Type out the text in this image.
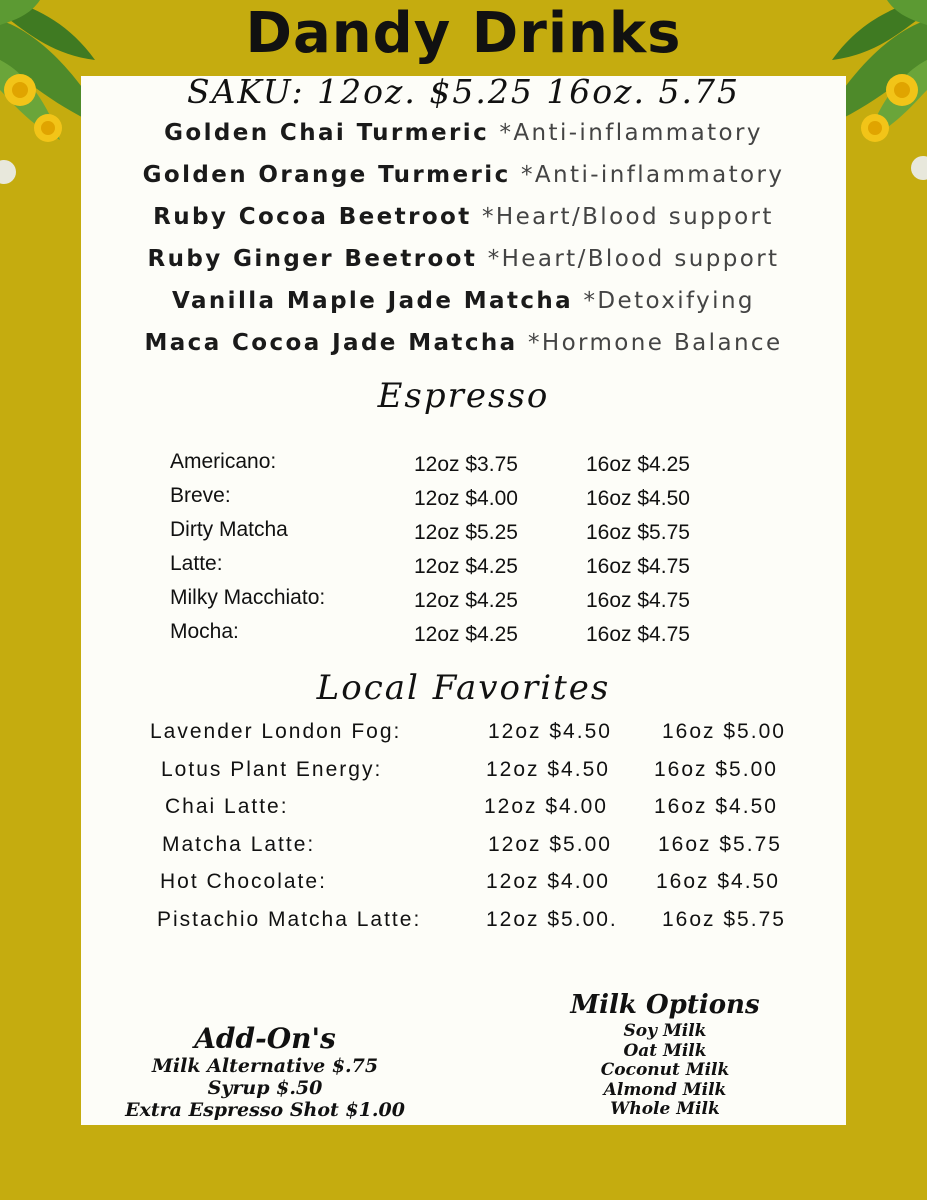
Dandy Drinks
SAKU: 12oz. $5.25 16oz. 5.75
Golden Chai Turmeric *Anti-inflammatory
Golden Orange Turmeric *Anti-inflammatory
Ruby Cocoa Beetroot *Heart/Blood support
Ruby Ginger Beetroot *Heart/Blood support
Vanilla Maple Jade Matcha *Detoxifying
Maca Cocoa Jade Matcha *Hormone Balance
Espresso
Americano:	12oz $3.75	16oz $4.25
Breve:	12oz $4.00	16oz $4.50
Dirty Matcha	12oz $5.25	16oz $5.75
Latte:	12oz $4.25	16oz $4.75
Milky Macchiato:	12oz $4.25	16oz $4.75
Mocha:	12oz $4.25	16oz $4.75
Local Favorites
Lavender London Fog:	12oz $4.50 16oz $5.00
Lotus Plant Energy:	12oz $4.50 16oz $5.00
Chai Latte:	12oz $4.00 16oz $4.50
Matcha Latte:	12oz $5.00 16oz $5.75
Hot Chocolate:	12oz $4.00 16oz $4.50
Pistachio Matcha Latte:	12oz $5.00. 16oz $5.75
Add-On's
Milk Alternative $.75
Syrup $.50
Extra Espresso Shot $1.00
Milk Options
Soy Milk
Oat Milk
Coconut Milk
Almond Milk
Whole Milk
